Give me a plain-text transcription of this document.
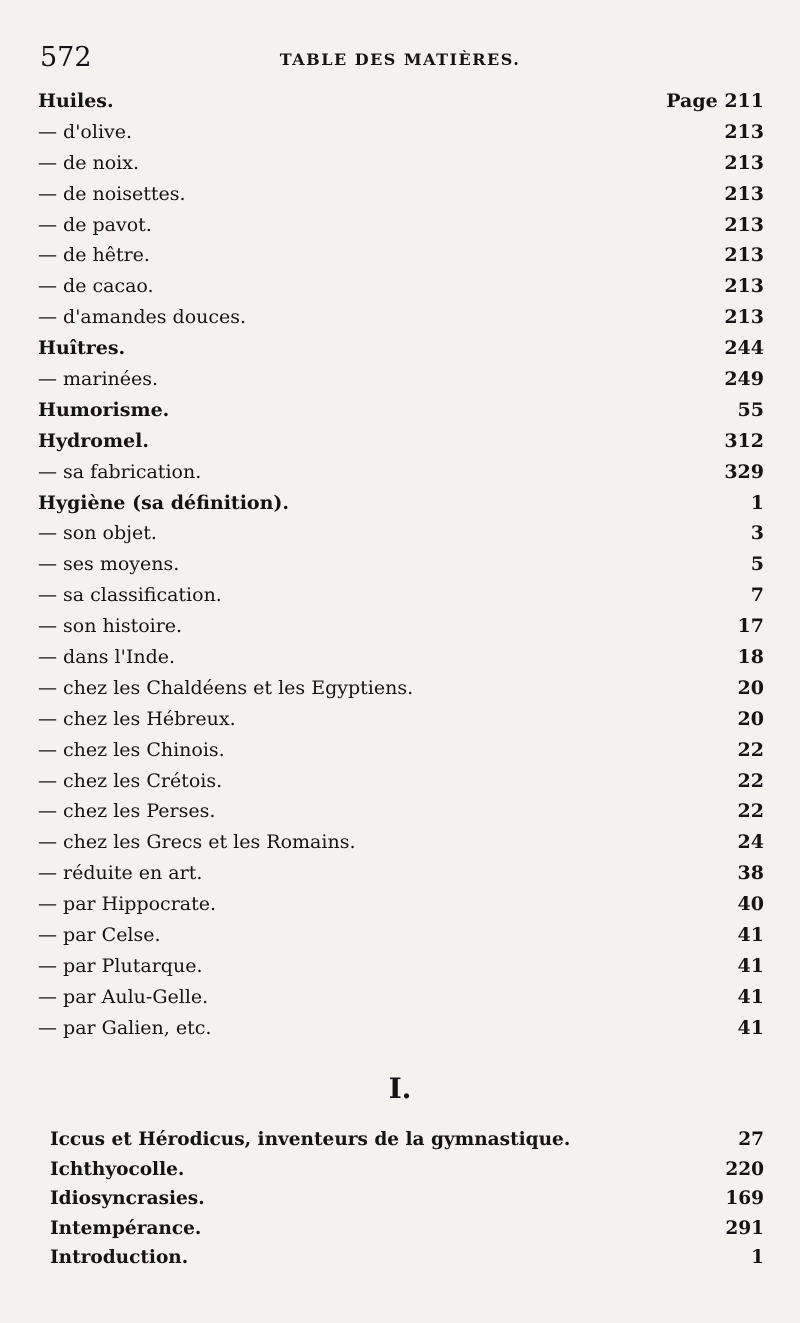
572	TABLE DES MATIÈRES.
Huiles.	Page 211
— d'olive.	213
— de noix.	213
— de noisettes.	213
— de pavot.	213
— de hêtre.	213
— de cacao.	213
— d'amandes douces.	213
Huîtres.	244
— marinées.	249
Humorisme.	55
Hydromel.	312
— sa fabrication.	329
Hygiène (sa définition).	1
— son objet.	3
— ses moyens.	5
— sa classification.	7
— son histoire.	17
— dans l'Inde.	18
— chez les Chaldéens et les Egyptiens.	20
— chez les Hébreux.	20
— chez les Chinois.	22
— chez les Crétois.	22
— chez les Perses.	22
— chez les Grecs et les Romains.	24
— réduite en art.	38
— par Hippocrate.	40
— par Celse.	41
— par Plutarque.	41
— par Aulu-Gelle.	41
— par Galien, etc.	41
I.
Iccus et Hérodicus, inventeurs de la gymnastique.	27
Ichthyocolle.	220
Idiosyncrasies.	169
Intempérance.	291
Introduction.	1
